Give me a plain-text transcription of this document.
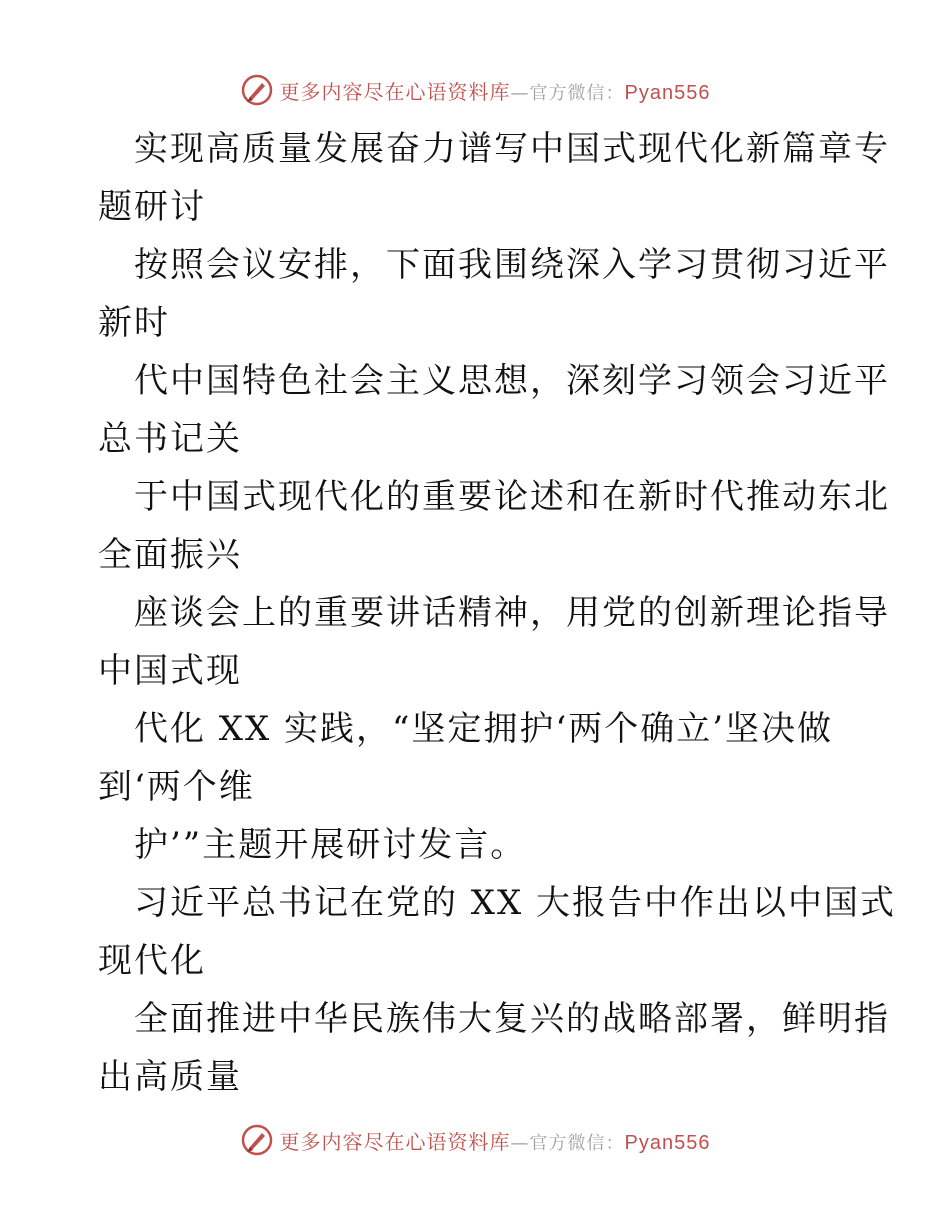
更多内容尽在心语资料库—官方微信：Pyan556
实现高质量发展奋力谱写中国式现代化新篇章专
题研讨
按照会议安排，下面我围绕深入学习贯彻习近平
新时
代中国特色社会主义思想，深刻学习领会习近平
总书记关
于中国式现代化的重要论述和在新时代推动东北
全面振兴
座谈会上的重要讲话精神，用党的创新理论指导
中国式现
代化 XX 实践，“坚定拥护‘两个确立’坚决做
到‘两个维
护’”主题开展研讨发言。
习近平总书记在党的 XX 大报告中作出以中国式
现代化
全面推进中华民族伟大复兴的战略部署，鲜明指
出高质量
更多内容尽在心语资料库—官方微信：Pyan556
